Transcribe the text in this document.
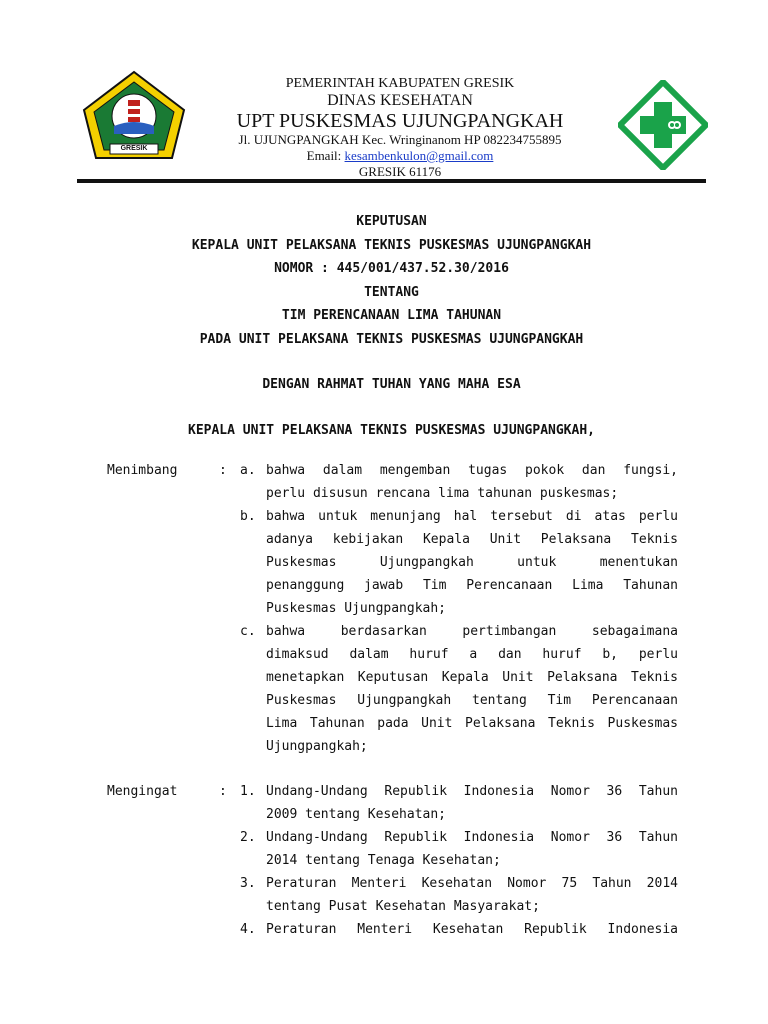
GRESIK
PEMERINTAH KABUPATEN GRESIK
DINAS KESEHATAN
UPT PUSKESMAS UJUNGPANGKAH
Jl. UJUNGPANGKAH Kec. Wringinanom HP 082234755895
Email: kesambenkulon@gmail.com
GRESIK 61176
KEPUTUSAN
KEPALA UNIT PELAKSANA TEKNIS PUSKESMAS UJUNGPANGKAH
NOMOR : 445/001/437.52.30/2016
TENTANG
TIM PERENCANAAN LIMA TAHUNAN
PADA UNIT PELAKSANA TEKNIS PUSKESMAS UJUNGPANGKAH
DENGAN RAHMAT TUHAN YANG MAHA ESA
KEPALA UNIT PELAKSANA TEKNIS PUSKESMAS UJUNGPANGKAH,
Menimbang	: a. bahwa dalam mengemban tugas pokok dan fungsi,
perlu disusun rencana lima tahunan puskesmas;
b. bahwa untuk menunjang hal tersebut di atas perlu
adanya kebijakan Kepala Unit Pelaksana Teknis
Puskesmas Ujungpangkah untuk menentukan
penanggung jawab Tim Perencanaan Lima Tahunan
Puskesmas Ujungpangkah;
c. bahwa berdasarkan pertimbangan sebagaimana
dimaksud dalam huruf a dan huruf b, perlu
menetapkan Keputusan Kepala Unit Pelaksana Teknis
Puskesmas Ujungpangkah tentang Tim Perencanaan
Lima Tahunan pada Unit Pelaksana Teknis Puskesmas
Ujungpangkah;
Mengingat	: 1. Undang-Undang Republik Indonesia Nomor 36 Tahun
2009 tentang Kesehatan;
2. Undang-Undang Republik Indonesia Nomor 36 Tahun
2014 tentang Tenaga Kesehatan;
3. Peraturan Menteri Kesehatan Nomor 75 Tahun 2014
tentang Pusat Kesehatan Masyarakat;
4. Peraturan Menteri Kesehatan Republik Indonesia
